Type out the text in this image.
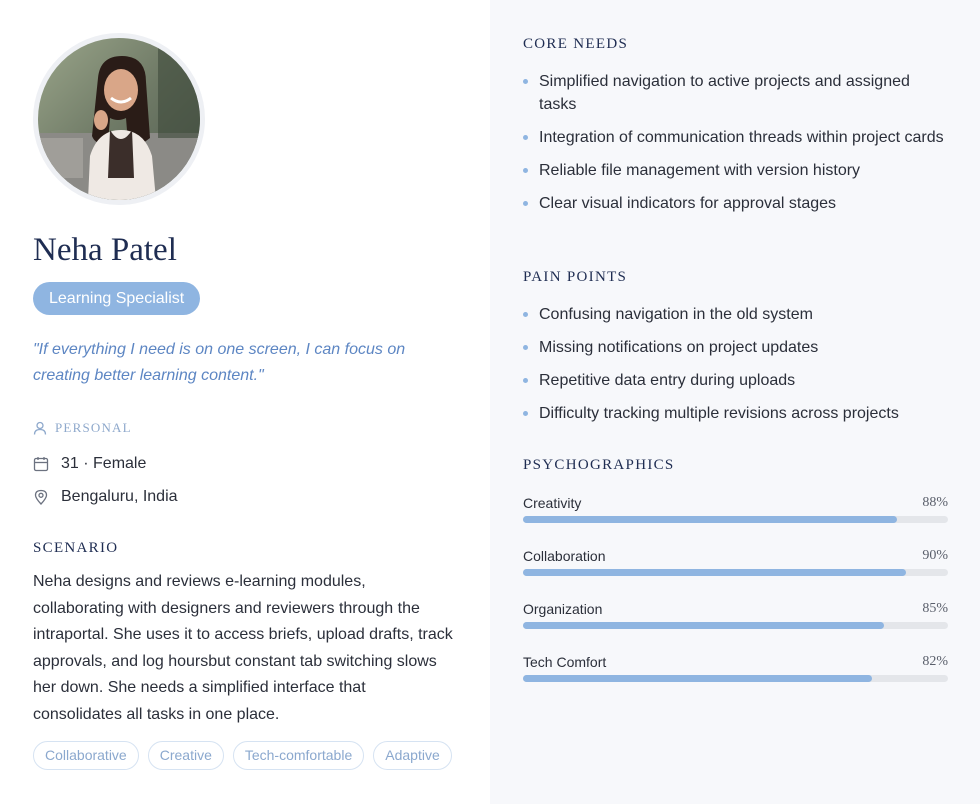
Neha Patel
Learning Specialist
"If everything I need is on one screen, I can focus on creating better learning content."
PERSONAL
31 · Female
Bengaluru, India
SCENARIO
Neha designs and reviews e-learning modules, collaborating with designers and reviewers through the intraportal. She uses it to access briefs, upload drafts, track approvals, and log hoursbut constant tab switching slows her down. She needs a simplified interface that consolidates all tasks in one place.
Collaborative	Creative	Tech-comfortable	Adaptive
CORE NEEDS
Simplified navigation to active projects and assigned tasks
Integration of communication threads within project cards
Reliable file management with version history
Clear visual indicators for approval stages
PAIN POINTS
Confusing navigation in the old system
Missing notifications on project updates
Repetitive data entry during uploads
Difficulty tracking multiple revisions across projects
PSYCHOGRAPHICS
Creativity	88%
Collaboration	90%
Organization	85%
Tech Comfort	82%
